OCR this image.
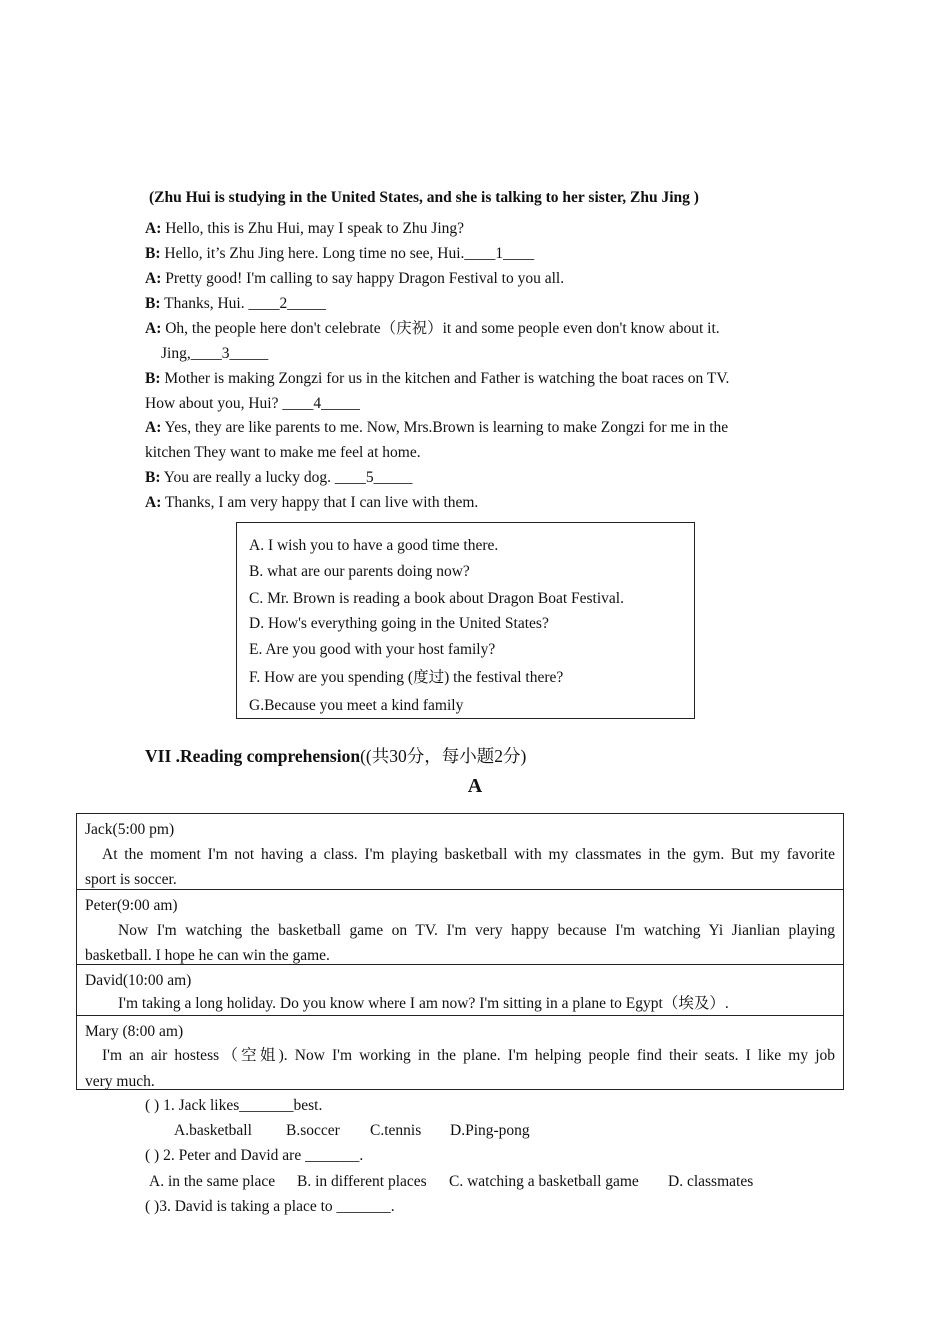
(Zhu Hui is studying in the United States, and she is talking to her sister, Zhu Jing )
A: Hello, this is Zhu Hui, may I speak to Zhu Jing?
B: Hello, it’s Zhu Jing here. Long time no see, Hui.____1____
A: Pretty good! I'm calling to say happy Dragon Festival to you all.
B: Thanks, Hui. ____2_____
A: Oh, the people here don't celebrate（庆祝）it and some people even don't know about it.
Jing,____3_____
B: Mother is making Zongzi for us in the kitchen and Father is watching the boat races on TV.
How about you, Hui? ____4_____
A: Yes, they are like parents to me. Now, Mrs.Brown is learning to make Zongzi for me in the
kitchen They want to make me feel at home.
B: You are really a lucky dog. ____5_____
A: Thanks, I am very happy that I can live with them.
A. I wish you to have a good time there.
B. what are our parents doing now?
C. Mr. Brown is reading a book about Dragon Boat Festival.
D. How's everything going in the United States?
E. Are you good with your host family?
F. How are you spending (度过) the festival there?
G.Because you meet a kind family
VII .Reading comprehension((共30分，每小题2分)
A
Jack(5:00 pm)
At the moment I'm not having a class. I'm playing basketball with my classmates in the gym. But my favorite
sport is soccer.
Peter(9:00 am)
Now I'm watching the basketball game on TV. I'm very happy because I'm watching Yi Jianlian playing
basketball. I hope he can win the game.
David(10:00 am)
I'm taking a long holiday. Do you know where I am now? I'm sitting in a plane to Egypt（埃及）.
Mary (8:00 am)
I'm an air hostess（空姐). Now I'm working in the plane. I'm helping people find their seats. I like my job
very much.
( ) 1. Jack likes_______best.
A.basketball B.soccer C.tennis D.Ping-pong
( ) 2. Peter and David are _______.
A. in the same place B. in different places C. watching a basketball game D. classmates
( )3. David is taking a place to _______.
